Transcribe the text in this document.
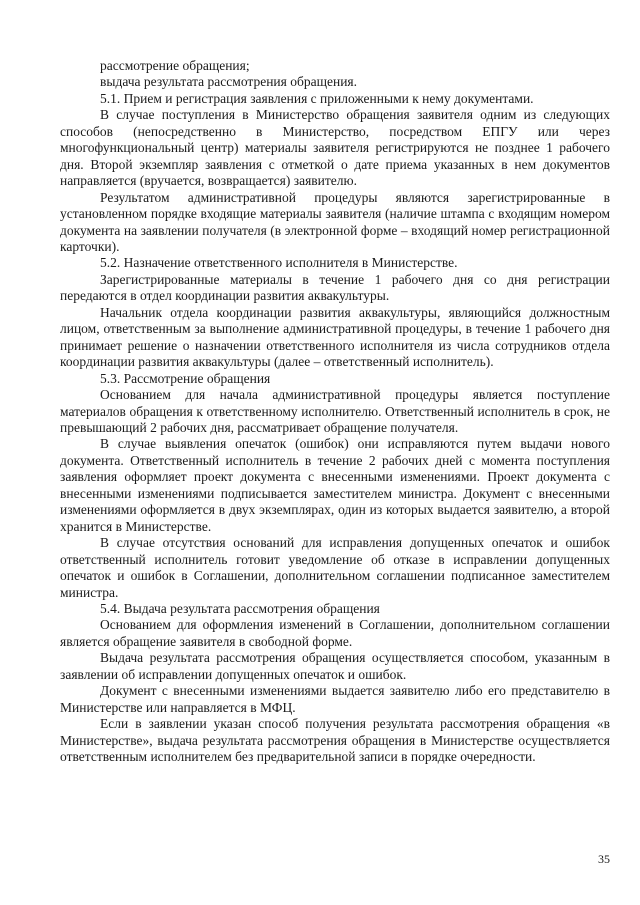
рассмотрение обращения;

выдача результата рассмотрения обращения.

5.1. Прием и регистрация заявления с приложенными к нему документами.

В случае поступления в Министерство обращения заявителя одним из следующих способов (непосредственно в Министерство, посредством ЕПГУ или через многофункциональный центр) материалы заявителя регистрируются не позднее 1 рабочего дня. Второй экземпляр заявления с отметкой о дате приема указанных в нем документов направляется (вручается, возвращается) заявителю.

Результатом административной процедуры являются зарегистрированные в установленном порядке входящие материалы заявителя (наличие штампа с входящим номером документа на заявлении получателя (в электронной форме – входящий номер регистрационной карточки).

5.2. Назначение ответственного исполнителя в Министерстве.

Зарегистрированные материалы в течение 1 рабочего дня со дня регистрации передаются в отдел координации развития аквакультуры.

Начальник отдела координации развития аквакультуры, являющийся должностным лицом, ответственным за выполнение административной процедуры, в течение 1 рабочего дня принимает решение о назначении ответственного исполнителя из числа сотрудников отдела координации развития аквакультуры (далее – ответственный исполнитель).

5.3. Рассмотрение обращения

Основанием для начала административной процедуры является поступление материалов обращения к ответственному исполнителю. Ответственный исполнитель в срок, не превышающий 2 рабочих дня, рассматривает обращение получателя.

В случае выявления опечаток (ошибок) они исправляются путем выдачи нового документа. Ответственный исполнитель в течение 2 рабочих дней с момента поступления заявления оформляет проект документа с внесенными изменениями. Проект документа с внесенными изменениями подписывается заместителем министра. Документ с внесенными изменениями оформляется в двух экземплярах, один из которых выдается заявителю, а второй хранится в Министерстве.

В случае отсутствия оснований для исправления допущенных опечаток и ошибок ответственный исполнитель готовит уведомление об отказе в исправлении допущенных опечаток и ошибок в Соглашении, дополнительном соглашении подписанное заместителем министра.

5.4. Выдача результата рассмотрения обращения

Основанием для оформления изменений в Соглашении, дополнительном соглашении является обращение заявителя в свободной форме.

Выдача результата рассмотрения обращения осуществляется способом, указанным в заявлении об исправлении допущенных опечаток и ошибок.

Документ с внесенными изменениями выдается заявителю либо его представителю в Министерстве или направляется в МФЦ.

Если в заявлении указан способ получения результата рассмотрения обращения «в Министерстве», выдача результата рассмотрения обращения в Министерстве осуществляется ответственным исполнителем без предварительной записи в порядке очередности.

35
